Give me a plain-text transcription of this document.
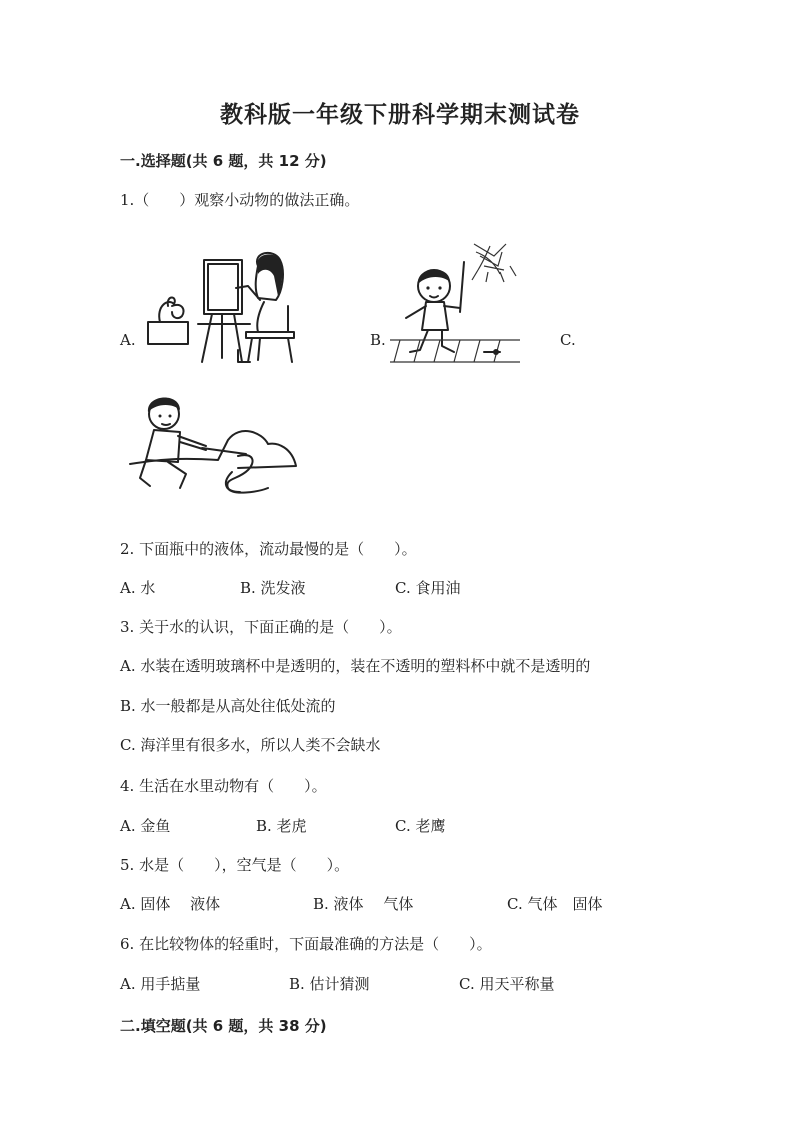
教科版一年级下册科学期末测试卷
一.选择题(共 6 题，共 12 分)
1.（　　）观察小动物的做法正确。
A.	B.	C.
2. 下面瓶中的液体，流动最慢的是（　　）。
A. 水	B. 洗发液	C. 食用油
3. 关于水的认识，下面正确的是（　　）。
A. 水装在透明玻璃杯中是透明的，装在不透明的塑料杯中就不是透明的
B. 水一般都是从高处往低处流的
C. 海洋里有很多水，所以人类不会缺水
4. 生活在水里动物有（　　）。
A. 金鱼	B. 老虎	C. 老鹰
5. 水是（　　），空气是（　　）。
A. 固体　 液体	B. 液体　 气体	C. 气体　固体
6. 在比较物体的轻重时，下面最准确的方法是（　　）。
A. 用手掂量	B. 估计猜测	C. 用天平称量
二.填空题(共 6 题，共 38 分)
